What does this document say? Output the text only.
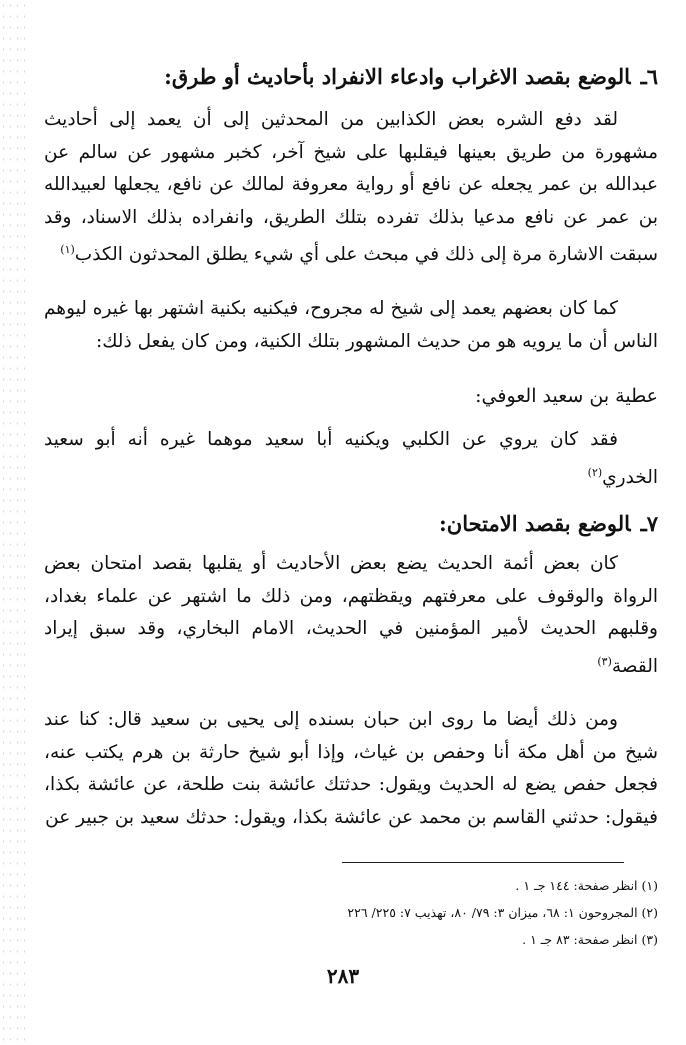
٦ـالوضع بقصد الاغراب وادعاء الانفراد بأحاديث أو طرق:

لقد دفع الشره بعض الكذابين من المحدثين إلى أن يعمد إلى أحاديث مشهورة من طريق بعينها فيقلبها على شيخ آخر، كخبر مشهور عن سالم عن عبدالله بن عمر يجعله عن نافع أو رواية معروفة لمالك عن نافع، يجعلها لعبيدالله بن عمر عن نافع مدعيا بذلك تفرده بتلك الطريق، وانفراده بذلك الاسناد، وقد سبقت الاشارة مرة إلى ذلك في مبحث على أي شيء يطلق المحدثون الكذب$^{(١)}$

كما كان بعضهم يعمد إلى شيخ له مجروح، فيكنيه بكنية اشتهر بها غيره ليوهم الناس أن ما يرويه هو من حديث المشهور بتلك الكنية، ومن كان يفعل ذلك:

عطية بن سعيد العوفي:

فقد كان يروي عن الكلبي ويكنيه أبا سعيد موهما غيره أنه أبو سعيد الخدري$^{(٢)}$

٧ـالوضع بقصد الامتحان:

كان بعض أئمة الحديث يضع بعض الأحاديث أو يقلبها بقصد امتحان بعض الرواة والوقوف على معرفتهم ويقظتهم، ومن ذلك ما اشتهر عن علماء بغداد، وقلبهم الحديث لأمير المؤمنين في الحديث، الامام البخاري، وقد سبق إيراد القصة$^{(٣)}$

ومن ذلك أيضا ما روى ابن حبان بسنده إلى يحيى بن سعيد قال: كنا عند شيخ من أهل مكة أنا وحفص بن غياث، وإذا أبو شيخ حارثة بن هرم يكتب عنه، فجعل حفص يضع له الحديث ويقول: حدثتك عائشة بنت طلحة، عن عائشة بكذا، فيقول: حدثني القاسم بن محمد عن عائشة بكذا، ويقول: حدثك سعيد بن جبير عن

(١) انظر صفحة: ١٤٤ جـ ١ .
(٢) المجروحون ١: ٦٨، ميزان ٣: ٧٩/ ٨٠، تهذيب ٧: ٢٢٥/ ٢٢٦
(٣) انظر صفحة: ٨٣ جـ ١ .
٢٨٣
